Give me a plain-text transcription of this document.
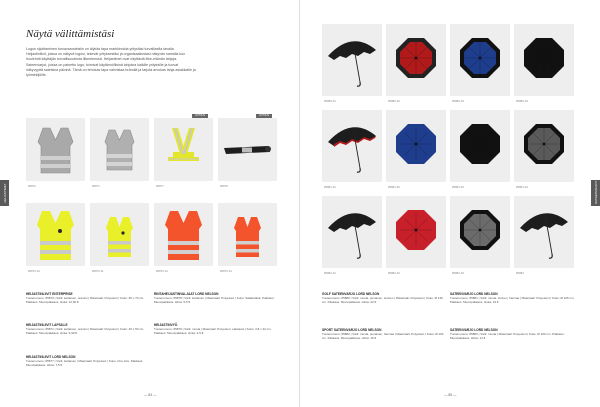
HEIJASTIMET
Näytä välittämistäsi
Logon sijoittaminen turvavarusteisiin on älykäs tapa markkinoida yritystäsi turvallisella tavalla. Heijastinliivit, joissa on näkyvä logosi, tekevät yrityksestäsi ja organisaatiostasi näkyvän samalla kun huolehdit käyttäjän turvallisuudesta liikenteessä. Heijastimet ovat näyttäviä liike-elämän lahjoja. Sateenvarjot, joissa on painettu logo, toimivat käytännöllisinä lahjoina kaikille yrityksille ja tuovat näkyvyyttä sateisina päivinä. Tämä on tehokas tapa vahvistaa brändiä ja tarjota arvokas lahja asiakkaille ja työntekijöille.
#5870	#5871
UUTUUS
#5877
UUTUUS
#5878
#5870-10	#5870-11	#5870-12	#5870-13
HEIJASTINLIIVIT ENTERPRISE
Tuotenumero: #5870 | Värit: keltainen, oranssi | Materiaali: Polyesteri | Koko: 65 x 70 cm. Pakkaus: Muovipakkaus. Hinta: 12,50 €
HEIJASTINLIIVIT LAPSILLE
Tuotenumero: #5871 | Värit: keltainen, oranssi | Materiaali: Polyesteri | Koko: 40 x 50 cm. Pakkaus: Muovipakkaus. Hinta: 9,90 €
HEIJASTINLIIVIT LORD NELSON
Tuotenumero: #5877 | Värit: keltainen | Materiaali: Polyesteri | Koko: One size. Pakkaus: Muovipakkaus. Hinta: 7,5 €
RINTAHEIJASTINVALJAAT LORD NELSON
Tuotenumero: #5878 | Värit: keltainen | Materiaali: Polyesteri | Koko: Säädettävä. Pakkaus: Muovipakkaus. Hinta: 5,5 €
HEIJASTINVYÖ
Tuotenumero: #5879 | Värit: musta | Materiaali: Polyesteri, elastaani | Koko: 3,8 x 42 cm. Pakkaus: Muovipakkaus. Hinta: 3,5 €
— 84 —
SATEENVARJOT
#5880-01	#5880-02	#5880-03	#5880-04
#5881-01	#5881-02	#5881-03	#5881-04
#5882-01	#5882-02	#5882-03	#5883
GOLF SATEENVARJO LORD NELSON
Tuotenumero: #5880 | Värit: musta, punainen, sininen | Materiaali: Polyesteri | Koko: Ø 130 cm. Pakkaus: Muovipakkaus. Hinta: 22 €
SPORT SATEENVARJO LORD NELSON
Tuotenumero: #5882 | Värit: musta, punainen, harmaa | Materiaali: Polyesteri | Koko: Ø 102 cm. Pakkaus: Muovipakkaus. Hinta: 15 €
SATEENVARJO LORD NELSON
Tuotenumero: #5881 | Värit: musta, sininen, harmaa | Materiaali: Polyesteri | Koko: Ø 105 cm. Pakkaus: Muovipakkaus. Hinta: 16 €
SATEENVARJO LORD NELSON
Tuotenumero: #5883 | Värit: musta | Materiaali: Polyesteri | Koko: Ø 100 cm. Pakkaus: Muovipakkaus. Hinta: 14 €
— 85 —
